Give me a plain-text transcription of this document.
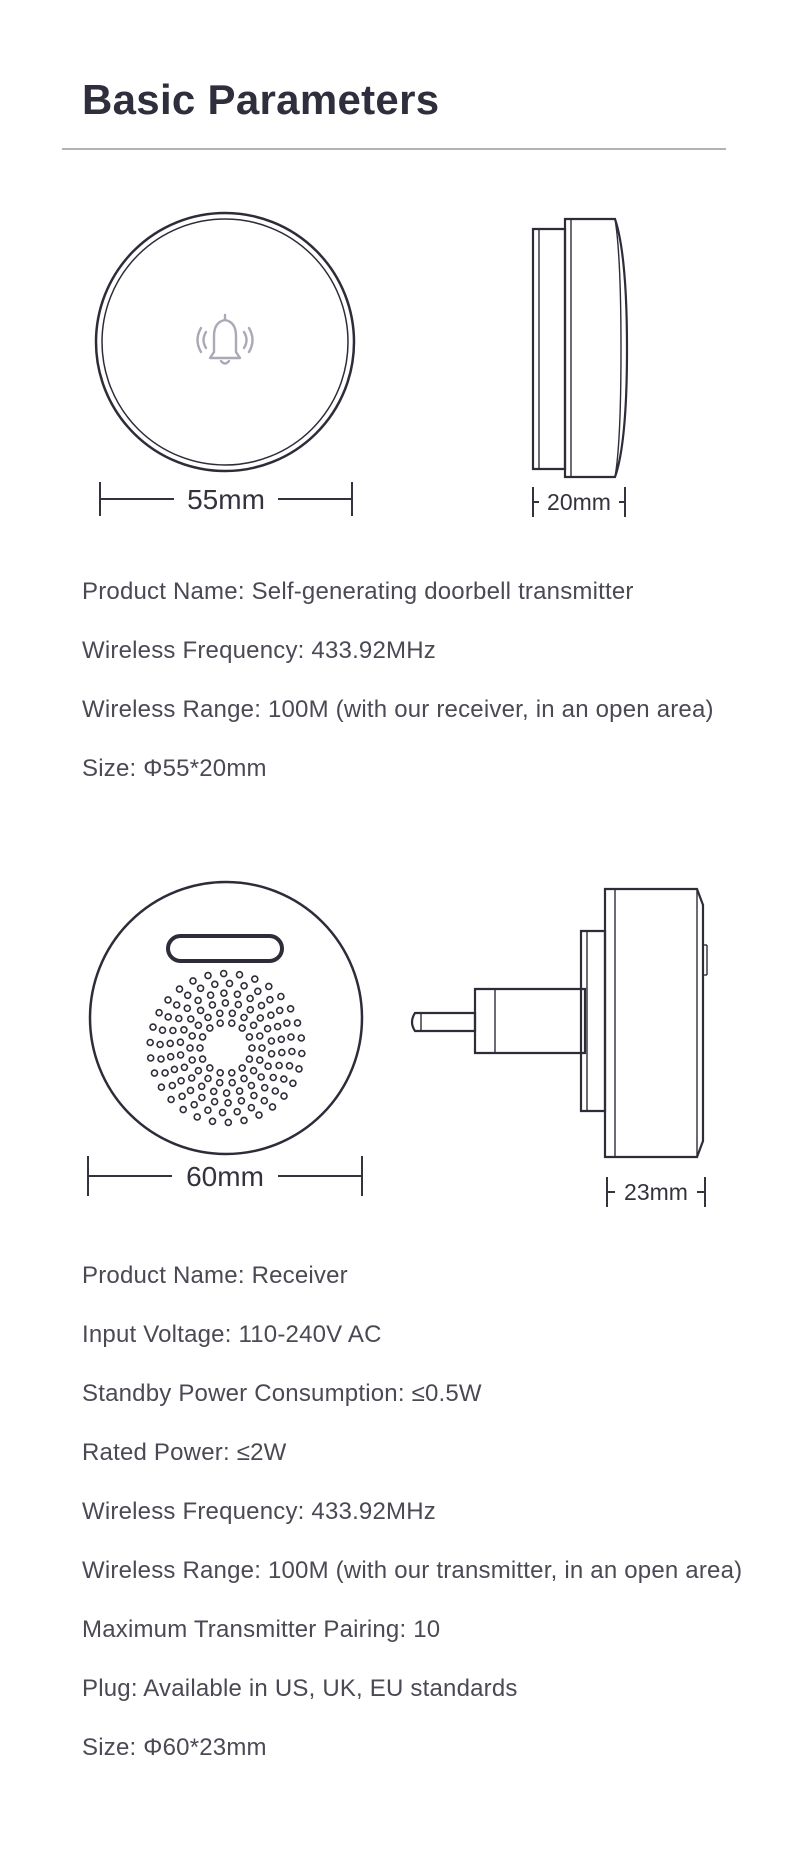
Basic Parameters
55mm	20mm
Product Name : Self-generating doorbell transmitter
Wireless Frequency : 433.92MHz
Wireless Range : 100M (with our receiver, in an open area)
Size : Φ55*20mm
60mm	23mm
Product Name : Receiver
Input Voltage : 110-240V AC
Standby Power Consumption : ≤0.5W
Rated Power : ≤2W
Wireless Frequency : 433.92MHz
Wireless Range : 100M (with our transmitter, in an open area)
Maximum Transmitter Pairing : 10
Plug : Available in US, UK, EU standards
Size : Φ60*23mm
